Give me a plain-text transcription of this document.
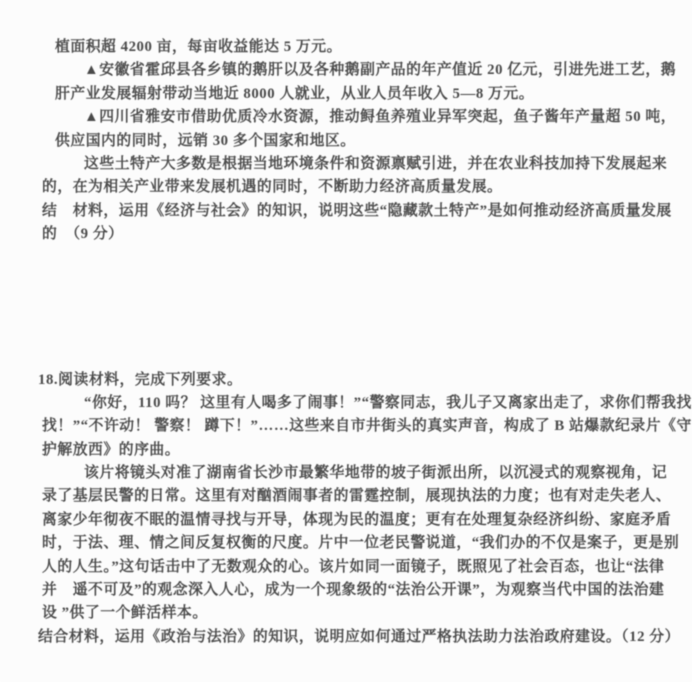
植面积超 4200 亩，每亩收益能达 5 万元。
▲安徽省霍邱县各乡镇的鹅肝以及各种鹅副产品的年产值近 20 亿元，引进先进工艺，鹅
肝产业发展辐射带动当地近 8000 人就业，从业人员年收入 5—8 万元。
▲四川省雅安市借助优质冷水资源，推动鲟鱼养殖业异军突起，鱼子酱年产量超 50 吨，
供应国内的同时，远销 30 多个国家和地区。
这些土特产大多数是根据当地环境条件和资源禀赋引进，并在农业科技加持下发展起来
的，在为相关产业带来发展机遇的同时，不断助力经济高质量发展。
结　材料，运用《经济与社会》的知识，说明这些“隐藏款土特产”是如何推动经济高质量发展
的　（9 分）
18.阅读材料，完成下列要求。
“你好，110 吗？ 这里有人喝多了闹事！”“警察同志，我儿子又离家出走了，求你们帮我找
找！”“不许动！ 警察！ 蹲下！”……这些来自市井街头的真实声音，构成了 B 站爆款纪录片《守
护解放西》的序曲。
该片将镜头对准了湖南省长沙市最繁华地带的坡子街派出所，以沉浸式的观察视角，记
录了基层民警的日常。这里有对酗酒闹事者的雷霆控制，展现执法的力度；也有对走失老人、
离家少年彻夜不眠的温情寻找与开导，体现为民的温度；更有在处理复杂经济纠纷、家庭矛盾
时，于法、理、情之间反复权衡的尺度。片中一位老民警说道，“我们办的不仅是案子，更是别
人的人生。”这句话击中了无数观众的心。该片如同一面镜子，既照见了社会百态，也让“法律
并　遥不可及”的观念深入人心，成为一个现象级的“法治公开课”，为观察当代中国的法治建
设 ”供了一个鲜活样本。
结合材料，运用《政治与法治》的知识，说明应如何通过严格执法助力法治政府建设。（12 分）
